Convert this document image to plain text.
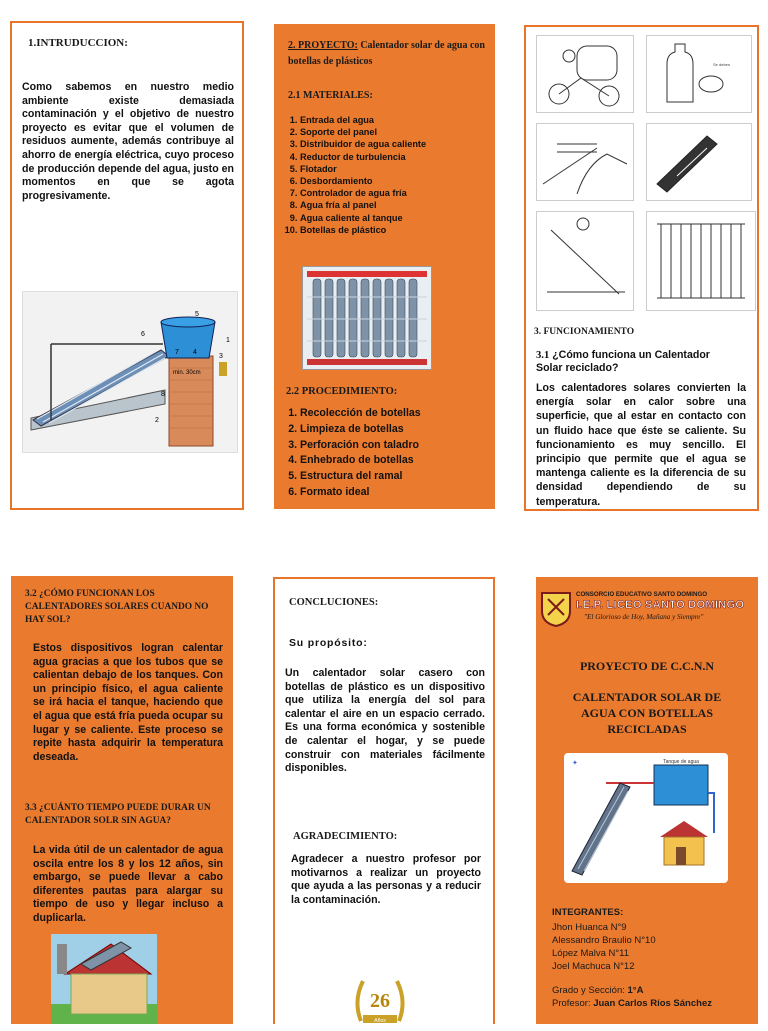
1.INTRUDUCCION:

Como sabemos en nuestro medio ambiente existe demasiada contaminación y el objetivo de nuestro proyecto es evitar que el volumen de residuos aumente, además contribuye al ahorro de energía eléctrica, cuyo proceso de producción depende del agua, justo en momentos en que se agota progresivamente.

5
6
7 4
3
min. 30cm
1
8
2
2. PROYECTO: Calentador solar de agua con botellas de plásticos
2.1 MATERIALES:
1. Entrada del agua
2. Soporte del panel
3. Distribuidor de agua caliente
4. Reductor de turbulencia
5. Flotador
6. Desbordamiento
7. Controlador de agua fría
8. Agua fría al panel
9. Agua caliente al tanque
10. Botellas de plástico
2.2 PROCEDIMIENTO:
1. Recolección de botellas
2. Limpieza de botellas
3. Perforación con taladro
4. Enhebrado de botellas
5. Estructura del ramal
6. Formato ideal
Se deben
3. FUNCIONAMIENTO
3.1 ¿Cómo funciona un Calentador Solar reciclado?

Los calentadores solares convierten la energía solar en calor sobre una superficie, que al estar en contacto con un fluido hace que éste se caliente. Su funcionamiento es muy sencillo. El principio que permite que el agua se mantenga caliente es la diferencia de su densidad dependiendo de su temperatura.

3.2 ¿CÓMO FUNCIONAN LOS CALENTADORES SOLARES CUANDO NO HAY SOL?

Estos dispositivos logran calentar agua gracias a que los tubos que se calientan debajo de los tanques. Con un principio físico, el agua caliente se irá hacia el tanque, haciendo que el agua que está fría pueda ocupar su lugar y se caliente. Este proceso se repite hasta adquirir la temperatura deseada.

3.3 ¿CUÁNTO TIEMPO PUEDE DURAR UN CALENTADOR SOLR SIN AGUA?

La vida útil de un calentador de agua oscila entre los 8 y los 12 años, sin embargo, se puede llevar a cabo diferentes pautas para alargar su tiempo de uso y llegar incluso a duplicarla.

CONCLUCIONES:
Su propósito:

Un calentador solar casero con botellas de plástico es un dispositivo que utiliza la energía del sol para calentar el aire en un espacio cerrado. Es una forma económica y sostenible de calentar el hogar, y se puede construir con materiales fácilmente disponibles.

AGRADECIMIENTO:

Agradecer a nuestro profesor por motivarnos a realizar un proyecto que ayuda a las personas y a reducir la contaminación.

26
Años
CONSORCIO EDUCATIVO SANTO DOMINGO
I.E.P. LICEO SANTO DOMINGO
"El Glorioso de Hoy, Mañana y Siempre"
PROYECTO DE C.C.N.N
CALENTADOR SOLAR DE AGUA CON BOTELLAS RECICLADAS
Tanque de agua
✦
INTEGRANTES:
Jhon Huanca N°9
Alessandro Braulio N°10
López Malva N°11
Joel Machuca N°12
Grado y Sección: 1°A
Profesor: Juan Carlos Ríos Sánchez
